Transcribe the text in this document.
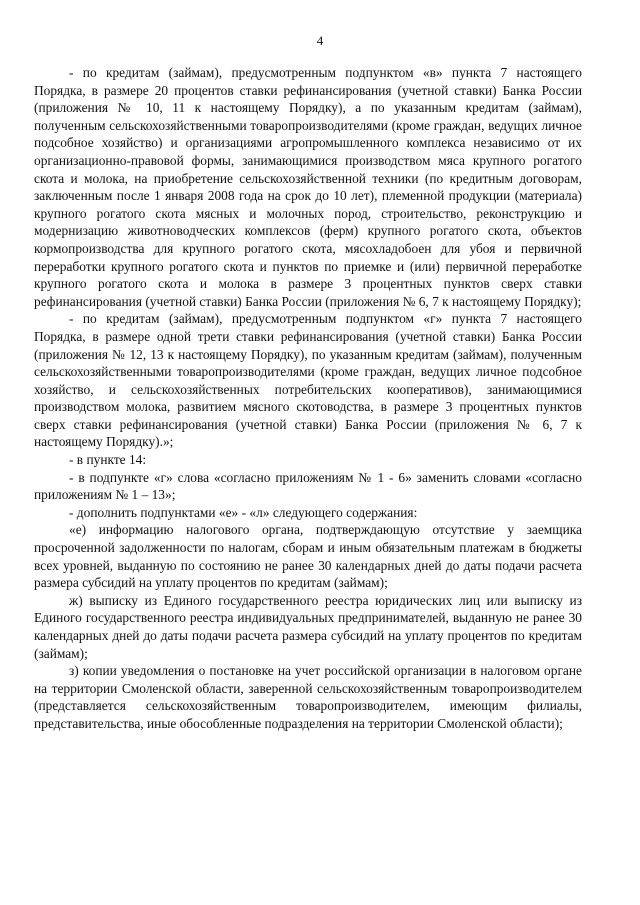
4

- по кредитам (займам), предусмотренным подпунктом «в» пункта 7 настоящего Порядка, в размере 20 процентов ставки рефинансирования (учетной ставки) Банка России (приложения № 10, 11 к настоящему Порядку), а по указанным кредитам (займам), полученным сельскохозяйственными товаропроизводителями (кроме граждан, ведущих личное подсобное хозяйство) и организациями агропромышленного комплекса независимо от их организационно-правовой формы, занимающимися производством мяса крупного рогатого скота и молока, на приобретение сельскохозяйственной техники (по кредитным договорам, заключенным после 1 января 2008 года на срок до 10 лет), племенной продукции (материала) крупного рогатого скота мясных и молочных пород, строительство, реконструкцию и модернизацию животноводческих комплексов (ферм) крупного рогатого скота, объектов кормопроизводства для крупного рогатого скота, мясохладобоен для убоя и первичной переработки крупного рогатого скота и пунктов по приемке и (или) первичной переработке крупного рогатого скота и молока в размере 3 процентных пунктов сверх ставки рефинансирования (учетной ставки) Банка России (приложения № 6, 7 к настоящему Порядку);

- по кредитам (займам), предусмотренным подпунктом «г» пункта 7 настоящего Порядка, в размере одной трети ставки рефинансирования (учетной ставки) Банка России (приложения № 12, 13 к настоящему Порядку), по указанным кредитам (займам), полученным сельскохозяйственными товаропроизводителями (кроме граждан, ведущих личное подсобное хозяйство, и сельскохозяйственных потребительских кооперативов), занимающимися производством молока, развитием мясного скотоводства, в размере 3 процентных пунктов сверх ставки рефинансирования (учетной ставки) Банка России (приложения № 6, 7 к настоящему Порядку).»;

- в пункте 14:

- в подпункте «г» слова «согласно приложениям № 1 - 6» заменить словами «согласно приложениям № 1 – 13»;

- дополнить подпунктами «е» - «л» следующего содержания:

«е) информацию налогового органа, подтверждающую отсутствие у заемщика просроченной задолженности по налогам, сборам и иным обязательным платежам в бюджеты всех уровней, выданную по состоянию не ранее 30 календарных дней до даты подачи расчета размера субсидий на уплату процентов по кредитам (займам);

ж) выписку из Единого государственного реестра юридических лиц или выписку из Единого государственного реестра индивидуальных предпринимателей, выданную не ранее 30 календарных дней до даты подачи расчета размера субсидий на уплату процентов по кредитам (займам);

з) копии уведомления о постановке на учет российской организации в налоговом органе на территории Смоленской области, заверенной сельскохозяйственным товаропроизводителем (представляется сельскохозяйственным товаропроизводителем, имеющим филиалы, представительства, иные обособленные подразделения на территории Смоленской области);
